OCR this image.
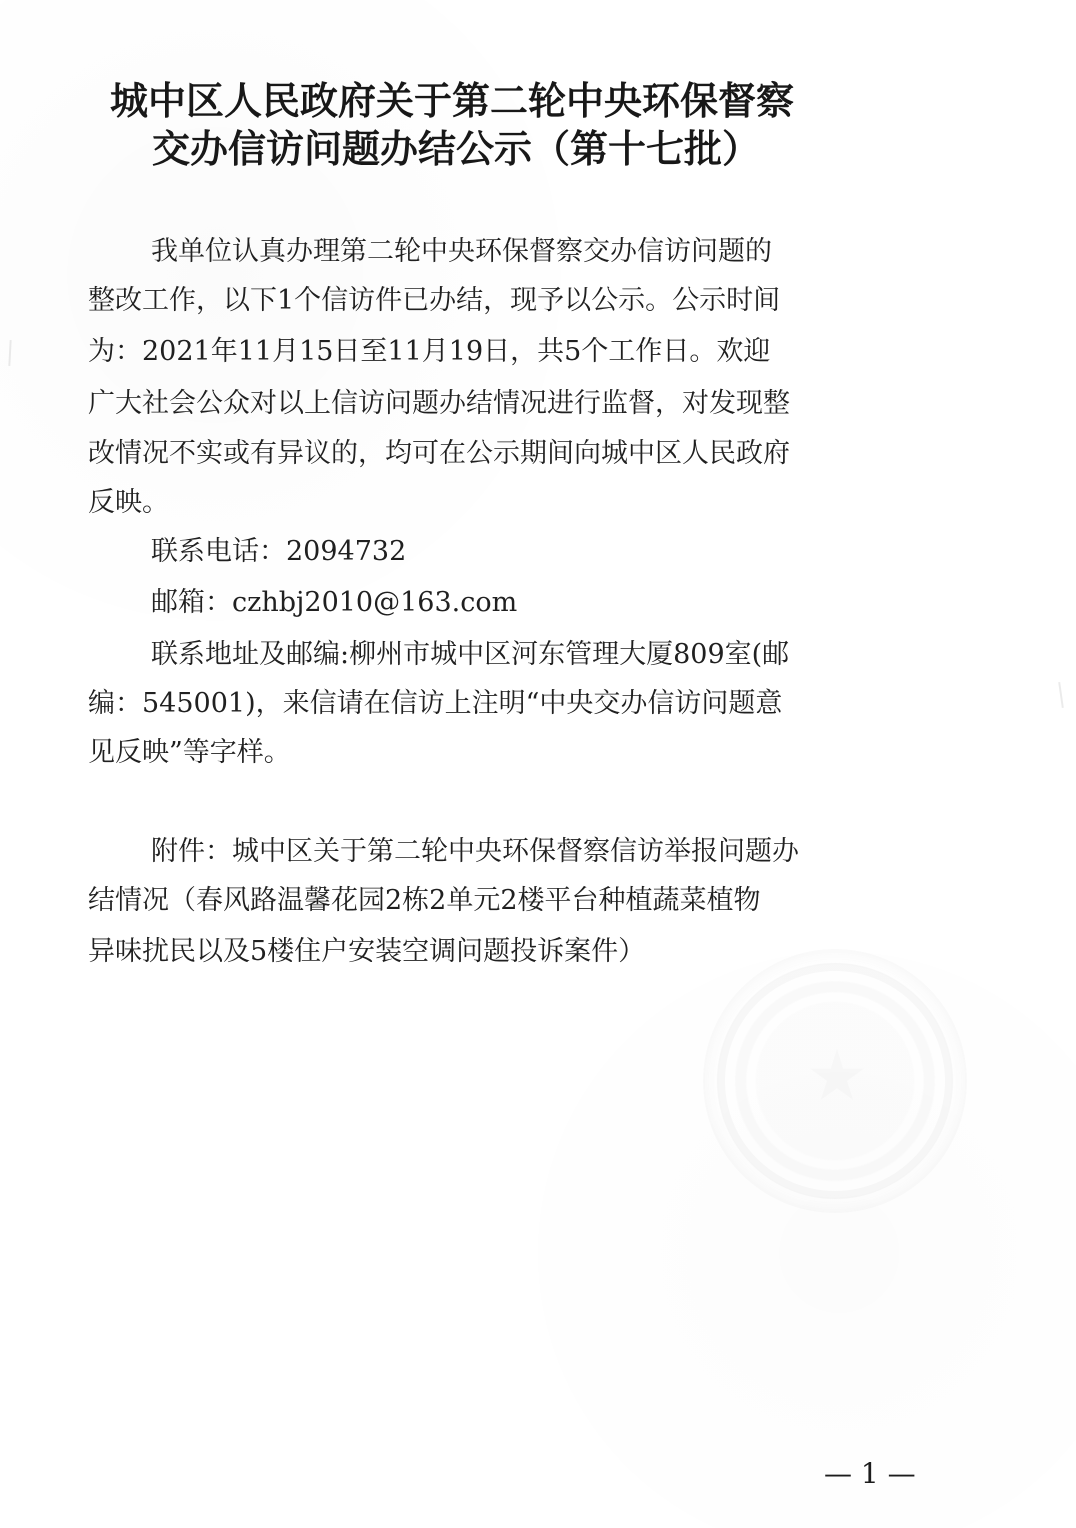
城中区人民政府关于第二轮中央环保督察
交办信访问题办结公示（第十七批）
我单位认真办理第二轮中央环保督察交办信访问题的
整改工作，以下1个信访件已办结，现予以公示。公示时间
为：2021年11月15日至11月19日，共5个工作日。欢迎
广大社会公众对以上信访问题办结情况进行监督，对发现整
改情况不实或有异议的，均可在公示期间向城中区人民政府
反映。
联系电话：2094732
邮箱：czhbj2010@163.com
联系地址及邮编:柳州市城中区河东管理大厦809室(邮
编：545001)，来信请在信访上注明“中央交办信访问题意
见反映”等字样。
附件：城中区关于第二轮中央环保督察信访举报问题办
结情况（春风路温馨花园2栋2单元2楼平台种植蔬菜植物
异味扰民以及5楼住户安装空调问题投诉案件）
— 1 —
